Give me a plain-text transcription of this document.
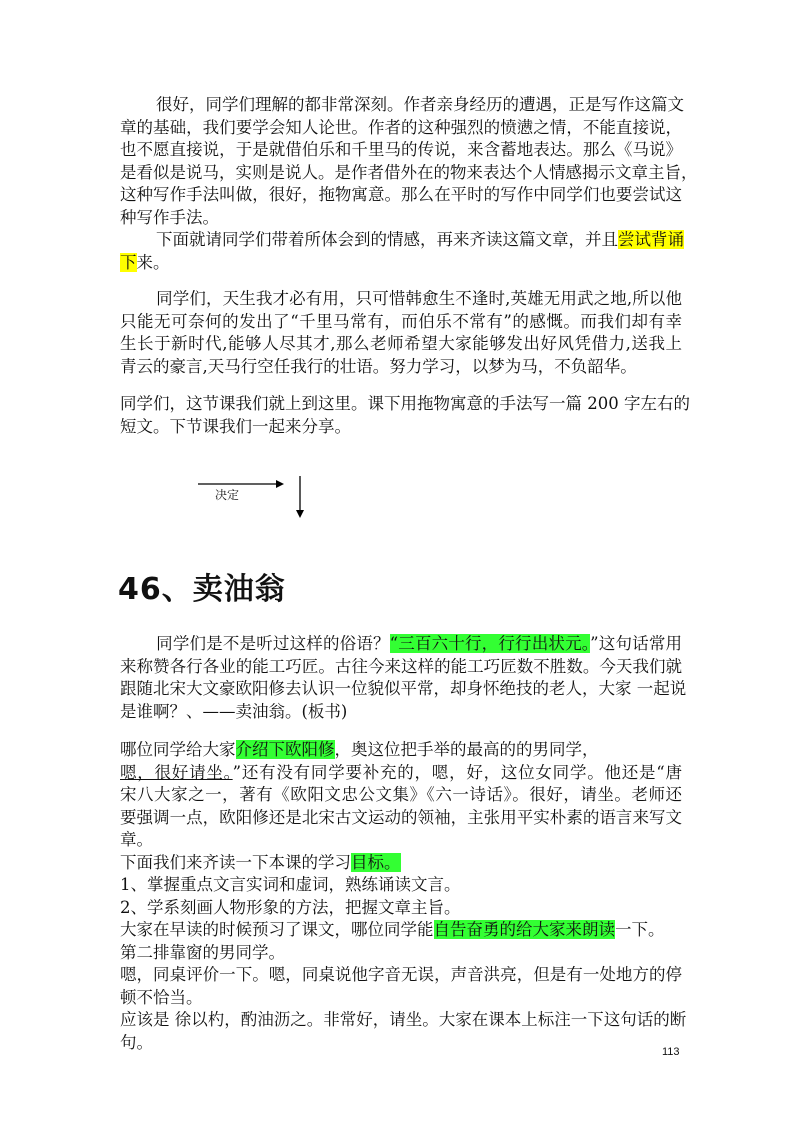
很好，同学们理解的都非常深刻。作者亲身经历的遭遇，正是写作这篇文
章的基础，我们要学会知人论世。作者的这种强烈的愤懑之情，不能直接说，
也不愿直接说，于是就借伯乐和千里马的传说，来含蓄地表达。那么《马说》
是看似是说马，实则是说人。是作者借外在的物来表达个人情感揭示文章主旨，
这种写作手法叫做，很好，拖物寓意。那么在平时的写作中同学们也要尝试这
种写作手法。
下面就请同学们带着所体会到的情感，再来齐读这篇文章，并且尝试背诵
下来。
同学们，天生我才必有用，只可惜韩愈生不逢时,英雄无用武之地,所以他
只能无可奈何的发出了“千里马常有，而伯乐不常有”的感慨。而我们却有幸
生长于新时代,能够人尽其才,那么老师希望大家能够发出好风凭借力,送我上
青云的豪言,天马行空任我行的壮语。努力学习，以梦为马，不负韶华。
同学们，这节课我们就上到这里。课下用拖物寓意的手法写一篇 200 字左右的
短文。下节课我们一起来分享。
决定
46、卖油翁
同学们是不是听过这样的俗语？“三百六十行，行行出状元。”这句话常用
来称赞各行各业的能工巧匠。古往今来这样的能工巧匠数不胜数。今天我们就
跟随北宋大文豪欧阳修去认识一位貌似平常，却身怀绝技的老人，大家 一起说
是谁啊？、——卖油翁。(板书)
哪位同学给大家介绍下欧阳修，奥这位把手举的最高的的男同学，
嗯，很好请坐。”还有没有同学要补充的，嗯，好，这位女同学。他还是“唐
宋八大家之一，著有《欧阳文忠公文集》《六一诗话》。很好，请坐。老师还
要强调一点，欧阳修还是北宋古文运动的领袖，主张用平实朴素的语言来写文
章。
下面我们来齐读一下本课的学习目标。
1、掌握重点文言实词和虚词，熟练诵读文言。
2、学系刻画人物形象的方法，把握文章主旨。
大家在早读的时候预习了课文，哪位同学能自告奋勇的给大家来朗读一下。
第二排靠窗的男同学。
嗯，同桌评价一下。嗯，同桌说他字音无误，声音洪亮，但是有一处地方的停
顿不恰当。
应该是 徐以杓，酌油沥之。非常好，请坐。大家在课本上标注一下这句话的断
句。
113
